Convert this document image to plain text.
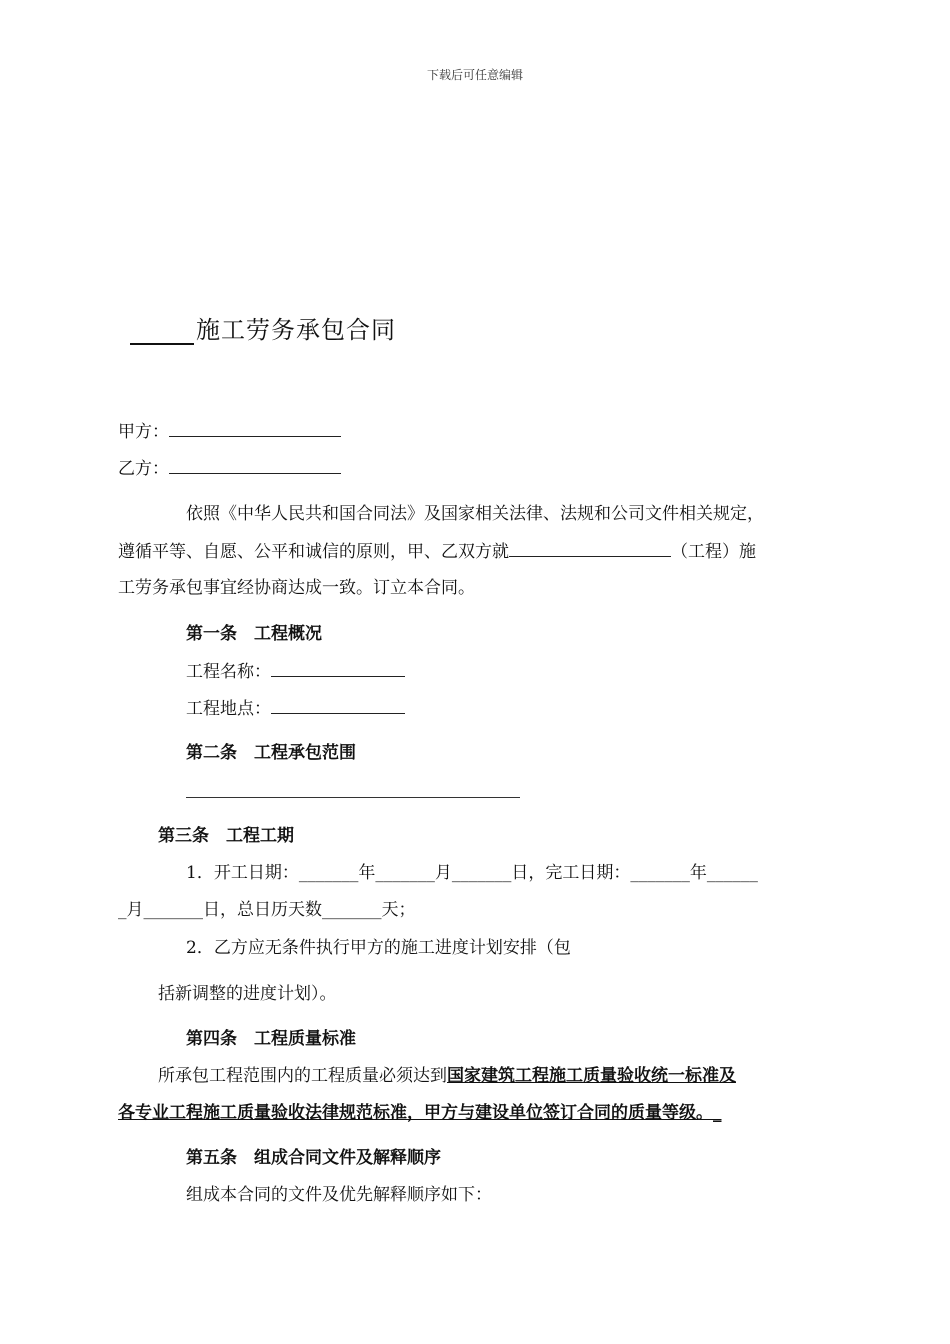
下载后可任意编辑
施工劳务承包合同
甲方：
乙方：
依照《中华人民共和国合同法》及国家相关法律、法规和公司文件相关规定，
遵循平等、自愿、公平和诚信的原则，甲、乙双方就	（工程）施
工劳务承包事宜经协商达成一致。订立本合同。
第一条　工程概况
工程名称：
工程地点：
第二条　工程承包范围
第三条　工程工期
1．开工日期：_______年_______月_______日，完工日期：_______年______
_月_______日，总日历天数_______天；
2．乙方应无条件执行甲方的施工进度计划安排（包
括新调整的进度计划）。
第四条　工程质量标准
所承包工程范围内的工程质量必须达到国家建筑工程施工质量验收统一标准及
各专业工程施工质量验收法律规范标准，甲方与建设单位签订合同的质量等级。_
第五条　组成合同文件及解释顺序
组成本合同的文件及优先解释顺序如下：
